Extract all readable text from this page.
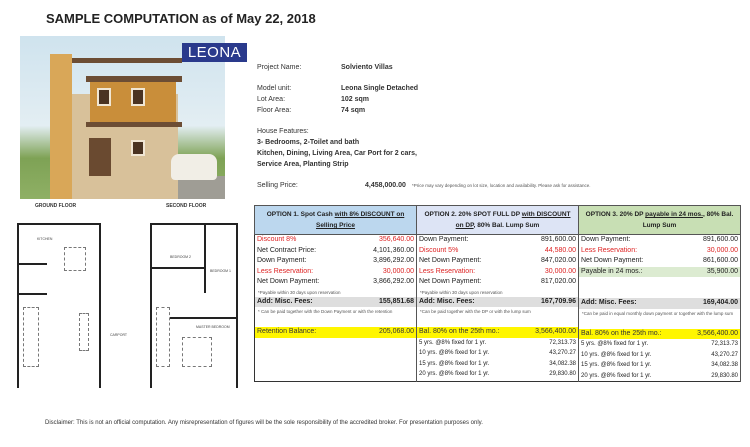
SAMPLE COMPUTATION as of May 22, 2018
LEONA
Project Name:	Solviento Villas
Model unit:	Leona Single Detached
Lot Area:	102 sqm
Floor Area:	74 sqm
House Features:
3- Bedrooms, 2-Toilet and bath
Kitchen, Dining, Living Area, Car Port for 2 cars,
Service Area, Planting Strip
Selling Price:	4,458,000.00 *Price may vary depending on lot size, location and availability. Please ask for assistance.
GROUND FLOOR	SECOND FLOOR
KITCHEN
CARPORT
BEDROOM 2
BEDROOM 1
MASTER BEDROOM
OPTION 1. Spot Cash with 8% DISCOUNT on Selling Price	OPTION 2. 20% SPOT FULL DP with DISCOUNT on DP, 80% Bal. Lump Sum	OPTION 3. 20% DP payable in 24 mos., 80% Bal. Lump Sum

Discount 8%	356,640.00
Net Contract Price:	4,101,360.00
Down Payment:	3,896,292.00
Less Reservation:	30,000.00
Net Down Payment:	3,866,292.00
*Payable within 30 days upon reservation
Add: Misc. Fees:	155,851.68
* Can be paid together with the Down Payment or with the retention
Retention Balance:	205,068.00

Down Payment:	891,600.00
Discount 5%	44,580.00
Net Down Payment:	847,020.00
Less Reservation:	30,000.00
Net Down Payment:	817,020.00
*Payable within 30 days upon reservation
Add: Misc. Fees:	167,709.96
*Can be paid together with the DP or with the lump sum
Bal. 80% on the 25th mo.:	3,566,400.00
5 yrs. @8% fixed for 1 yr.	72,313.73
10 yrs. @8% fixed for 1 yr.	43,270.27
15 yrs. @8% fixed for 1 yr.	34,082.38
20 yrs. @8% fixed for 1 yr.	29,830.80

Down Payment:	891,600.00
Less Reservation:	30,000.00
Net Down Payment:	861,600.00
Payable in 24 mos.:	35,900.00
Add: Misc. Fees:	169,404.00
*Can be paid in equal monthly down payment or together with the lump sum
Bal. 80% on the 25th mo.:	3,566,400.00
5 yrs. @8% fixed for 1 yr.	72,313.73
10 yrs. @8% fixed for 1 yr.	43,270.27
15 yrs. @8% fixed for 1 yr.	34,082.38
20 yrs. @8% fixed for 1 yr.	29,830.80
Disclaimer: This is not an official computation. Any misrepresentation of figures will be the sole responsibility of the accredited broker. For presentation purposes only.
